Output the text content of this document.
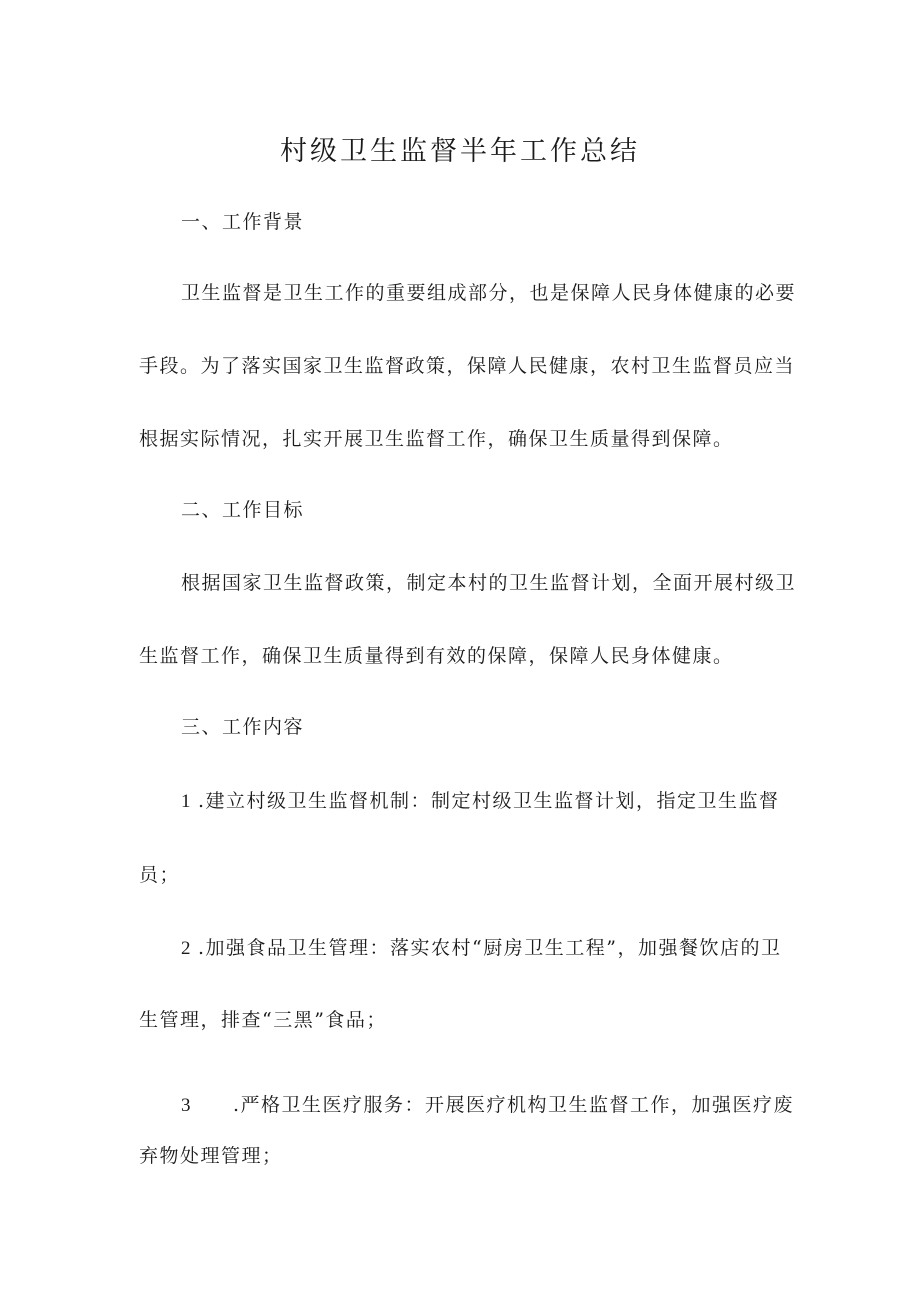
村级卫生监督半年工作总结

一、工作背景

卫生监督是卫生工作的重要组成部分，也是保障人民身体健康的必要

手段。为了落实国家卫生监督政策，保障人民健康，农村卫生监督员应当

根据实际情况，扎实开展卫生监督工作，确保卫生质量得到保障。

二、工作目标

根据国家卫生监督政策，制定本村的卫生监督计划，全面开展村级卫

生监督工作，确保卫生质量得到有效的保障，保障人民身体健康。

三、工作内容

1 .建立村级卫生监督机制：制定村级卫生监督计划，指定卫生监督

员；

2 .加强食品卫生管理：落实农村“厨房卫生工程”，加强餐饮店的卫

生管理，排查“三黑”食品；

3 .严格卫生医疗服务：开展医疗机构卫生监督工作，加强医疗废

弃物处理管理；
